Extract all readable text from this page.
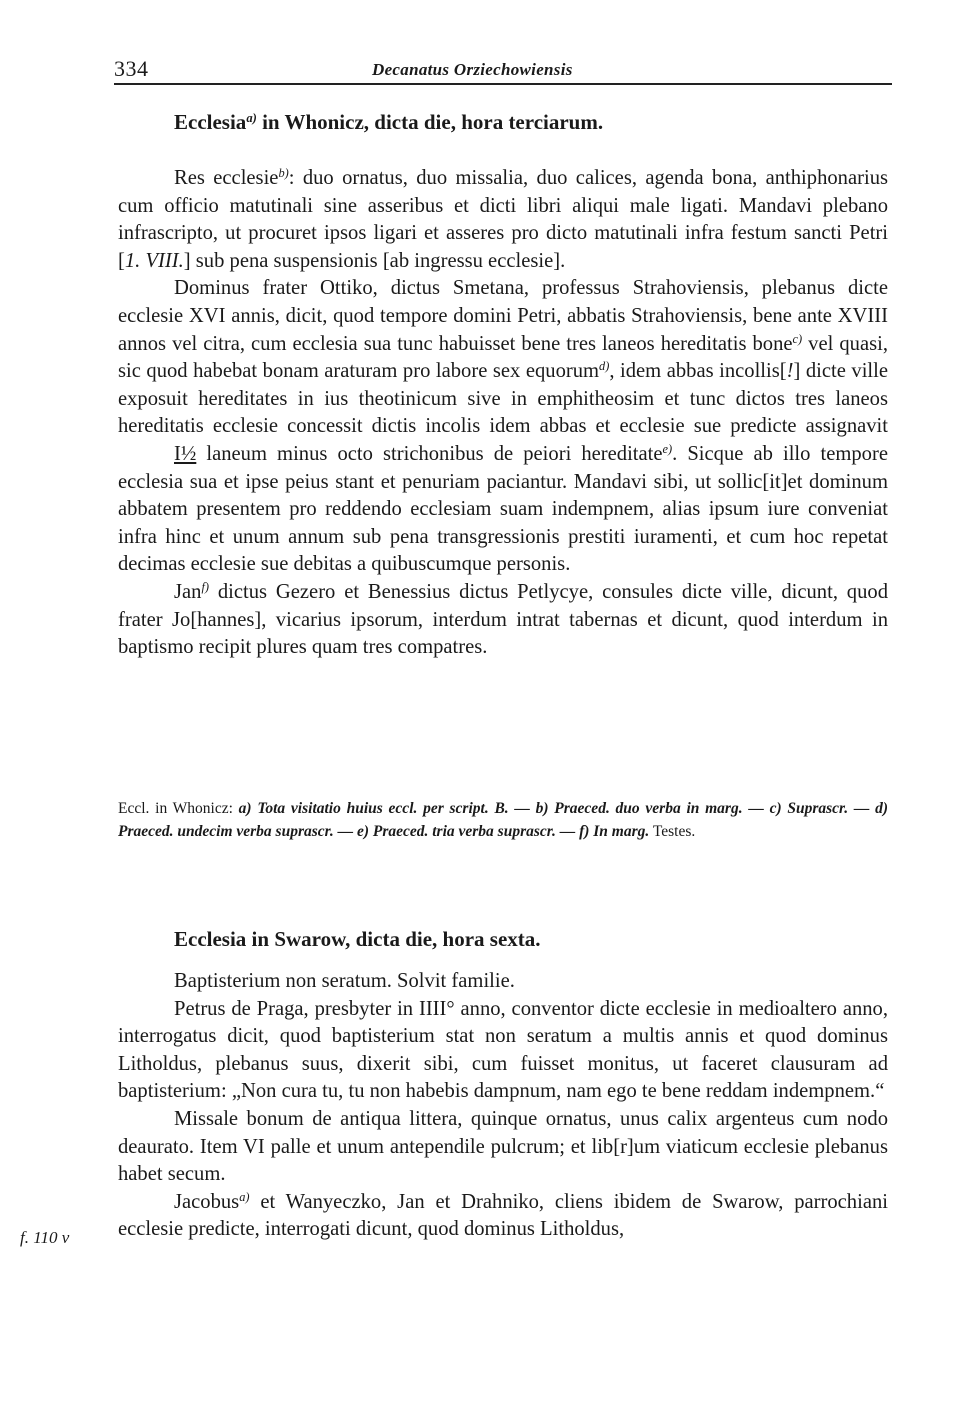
334	Decanatus Orziechowiensis
Ecclesia$^{a)}$ in Whonicz, dicta die, hora terciarum.

Res ecclesie$^{b)}$: duo ornatus, duo missalia, duo calices, agenda bona, anthiphonarius cum officio matutinali sine asseribus et dicti libri aliqui male ligati. Mandavi plebano infrascripto, ut procuret ipsos ligari et asseres pro dicto matutinali infra festum sancti Petri [1. VIII.] sub pena suspensionis [ab ingressu ecclesie].

Dominus frater Ottiko, dictus Smetana, professus Strahoviensis, plebanus dicte ecclesie XVI annis, dicit, quod tempore domini Petri, abbatis Strahoviensis, bene ante XVIII annos vel citra, cum ecclesia sua tunc habuisset bene tres laneos hereditatis bone$^{c)}$ vel quasi, sic quod habebat bonam araturam pro labore sex equorum$^{d)}$, idem abbas incollis[!] dicte ville exposuit hereditates in ius theotinicum sive in emphitheosim et tunc dictos tres laneos hereditatis ecclesie concessit dictis incolis idem abbas et ecclesie sue predicte assignavit I½ laneum minus octo strichonibus de peiori hereditate$^{e)}$. Sicque ab illo tempore ecclesia sua et ipse peius stant et penuriam paciantur. Mandavi sibi, ut sollic[it]et dominum abbatem presentem pro reddendo ecclesiam suam indempnem, alias ipsum iure conveniat infra hinc et unum annum sub pena transgressionis prestiti iuramenti, et cum hoc repetat decimas ecclesie sue debitas a quibuscumque personis.

Jan$^{f)}$ dictus Gezero et Benessius dictus Petlycye, consules dicte ville, dicunt, quod frater Jo[hannes], vicarius ipsorum, interdum intrat tabernas et dicunt, quod interdum in baptismo recipit plures quam tres compatres.

Eccl. in Whonicz: a) Tota visitatio huius eccl. per script. B. — b) Praeced. duo verba in marg. — c) Suprascr. — d) Praeced. undecim verba suprascr. — e) Praeced. tria verba suprascr. — f) In marg. Testes.
Ecclesia in Swarow, dicta die, hora sexta.

Baptisterium non seratum. Solvit familie.

Petrus de Praga, presbyter in IIII° anno, conventor dicte ecclesie in medioaltero anno, interrogatus dicit, quod baptisterium stat non seratum a multis annis et quod dominus Litholdus, plebanus suus, dixerit sibi, cum fuisset monitus, ut faceret clausuram ad baptisterium: „Non cura tu, tu non habebis dampnum, nam ego te bene reddam indempnem.“

Missale bonum de antiqua littera, quinque ornatus, unus calix argenteus cum nodo deaurato. Item VI palle et unum antependile pulcrum; et lib[r]um viaticum ecclesie plebanus habet secum.

Jacobus$^{a)}$ et Wanyeczko, Jan et Drahniko, cliens ibidem de Swarow, parrochiani ecclesie predicte, interrogati dicunt, quod dominus Litholdus,

f. 110 v
